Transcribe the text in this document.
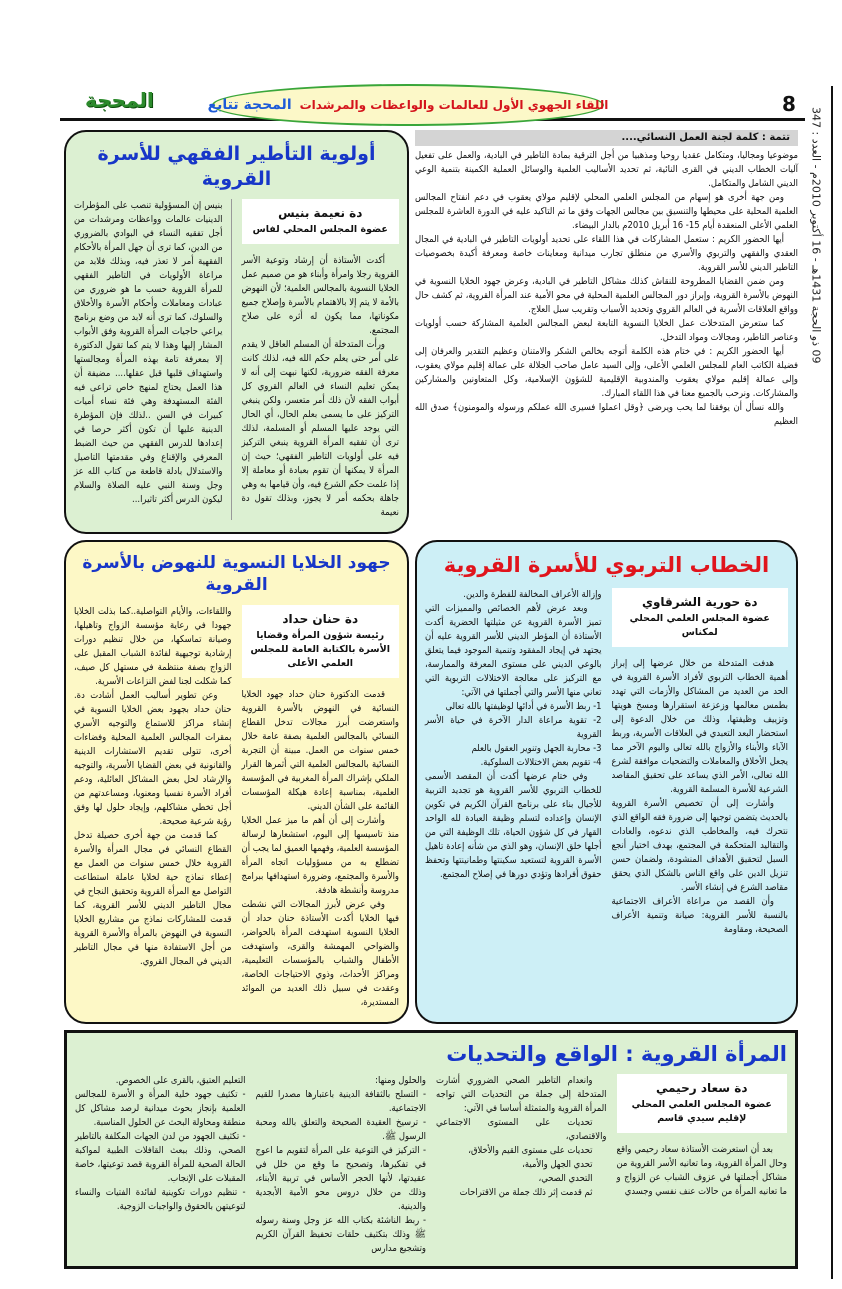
8
اللقاء الجهوي الأول للعالمات والواعظات والمرشدات
المحجة تتابع
المحجة
09 ذو الحجة 1431هـ - 16 أكتوبر 2010م - العدد : 347
تتمة : كلمة لجنة العمل النسائي....

موضوعيا ومجاليا، ومتكامل عقديا روحيا ومذهبيا من أجل الترقية بمادة التاطير في البادية، والعمل على تفعيل آليات الخطاب الديني في القرى النائية، ثم تحديد الأساليب العلمية والوسائل العملية الكمينة بتنمية الوعي الديني الشامل والمتكامل.

ومن جهة أخرى هو إسهام من المجلس العلمي المحلي لإقليم مولاي يعقوب في دعم انفتاح المجالس العلمية المحلية على محيطها والتنسيق بين مجالس الجهات وفق ما تم التاكيد عليه في الدورة العاشرة للمجلس العلمي الأعلى المنعقدة أيام 15- 16 أبريل 2010م بالدار البيضاء.

أيها الحضور الكريم : ستعمل المشاركات في هذا اللقاء على تحديد أولويات التاطير في البادية في المجال العقدي والفقهي والتربوي والأسري من منطلق تجارب ميدانية ومعاينات خاصة ومعرفة أكيدة بخصوصيات التاطير الديني للأسر القروية.

ومن ضمن القضايا المطروحة للنقاش كذلك مشاكل التاطير في البادية، وعرض جهود الخلايا النسوية في النهوض بالأسرة القروية، وإبراز دور المجالس العلمية المحلية في محو الأمية عند المرأة القروية، ثم كشف حال وواقع العلاقات الأسرية في العالم القروي وتحديد الأسباب وتقريب سبل العلاج.

كما ستعرض المتدخلات عمل الخلايا النسوية التابعة لبعض المجالس العلمية المشاركة حسب أولويات وعناصر التاطير، ومجالات ومواد التدخل.

أيها الحضور الكريم : في ختام هذه الكلمة أتوجه بخالص الشكر والامتنان وعظيم التقدير والعرفان إلى فضيلة الكاتب العام للمجلس العلمي الأعلى، وإلى السيد عامل صاحب الجلالة على عمالة إقليم مولاي يعقوب، وإلى عمالة إقليم مولاي يعقوب والمندوبية الإقليمية للشؤون الإسلامية، وكل المتعاونين والمشاركين والمشاركات. ونرحب بالجميع معنا في هذا اللقاء المبارك.

والله نسأل أن يوفقنا لما يحب ويرضى ﴿وقل اعملوا فسيرى الله عملكم ورسوله والمومنون﴾ صدق الله العظيم

أولوية التأطير الفقهي للأسرة القروية
دة نعيمة بنيس
عضوة المجلس المحلي لفاس

أكدت الأستاذة أن إرشاد وتوعية الأسر القروية رجلا وامرأة وأبناء هو من صميم عمل الخلايا النسوية بالمجالس العلمية؛ لأن النهوض بالأمة لا يتم إلا بالاهتمام بالأسرة وإصلاح جميع مكوناتها، مما يكون له أثره على صلاح المجتمع.

ورأت المتدخلة أن المسلم العاقل لا يقدم على أمر حتى يعلم حكم الله فيه، لذلك كانت معرفة الفقه ضرورية، لكنها نبهت إلى أنه لا يمكن تعليم النساء في العالم القروي كل أبواب الفقه لأن ذلك أمر متعسر، ولكن ينبغي التركيز على ما يسمى بعلم الحال، أي الحال التي يوجد عليها المسلم أو المسلمة، لذلك ترى أن تفقيه المرأة القروية ينبغي التركيز فيه على أولويات التاطير الفقهي؛ حيث إن المرأة لا يمكنها أن تقوم بعبادة أو معاملة إلا إذا علمت حكم الشرع فيه، وأن قيامها به وهي جاهلة بحكمه أمر لا يجوز، وبذلك تقول دة نعيمة

بنيس إن المسؤولية تنصب على المؤطرات الدينيات عالمات وواعظات ومرشدات من أجل تفقيه النساء في البوادي بالضروري من الدين، كما ترى أن جهل المرأة بالأحكام الفقهية أمر لا تعذر فيه، وبذلك فلابد من مراعاة الأولويات في التاطير الفقهي للمرأة القروية حسب ما هو ضروري من عبادات ومعاملات وأحكام الأسرة والأخلاق والسلوك، كما ترى أنه لابد من وضع برنامج يراعي حاجيات المرأة القروية وفق الأبواب المشار إليها وهذا لا يتم كما تقول الدكتورة إلا بمعرفة تامة بهذه المرأة ومجالستها واستهداف قلبها قبل عقلها.... مضيفة أن هذا العمل يحتاج لمنهج خاص تراعى فيه الفئة المستهدفة وهي فئة نساء أميات كبيرات في السن ..لذلك فإن المؤطرة الدينية عليها أن تكون أكثر حرصا في إعدادها للدرس الفقهي من حيث الضبط المعرفي والإقناع وفي مقدمتها التاصيل والاستدلال بادلة قاطعة من كتاب الله عز وجل وسنة النبي عليه الصلاة والسلام ليكون الدرس أكثر تاثيرا...

الخطاب التربوي للأسرة القروية
دة حورية الشرقاوي
عضوة المجلس العلمي المحلي لمكناس

هدفت المتدخلة من خلال عرضها إلى إبراز أهمية الخطاب التربوي لأفراد الأسرة القروية في الحد من العديد من المشاكل والأزمات التي تهدد بطمس معالمها وزعزعة استقرارها ومسخ هويتها وتزييف وظيفتها، وذلك من خلال الدعوة إلى استحضار البعد التعبدي في العلاقات الأسرية، وربط الآباء والأبناء والأزواج بالله تعالى واليوم الآخر مما يجعل الأخلاق والمعاملات والتضحيات موافقة لشرع الله تعالى، الأمر الذي يساعد على تحقيق المقاصد الشرعية للأسرة المسلمة القروية.

وأشارت إلى أن تخصيص الأسرة القروية بالحديث يتضمن توجيها إلى ضرورة فقه الواقع الذي نتحرك فيه، والمخاطب الذي ندعوه، والعادات والتقاليد المتحكمة في المجتمع، بهدف اختيار أنجع السبل لتحقيق الأهداف المنشودة، ولضمان حسن تنزيل الدين على واقع الناس بالشكل الذي يحقق مقاصد الشرع في إنشاء الأسر.

وأن القصد من مراعاة الأعراف الاجتماعية بالنسبة للأسر القروية: صيانة وتنمية الأعراف الصحيحة، ومقاومة

وإزالة الأعراف المخالفة للفطرة والدين.

وبعد عرض لأهم الخصائص والمميزات التي تميز الأسرة القروية عن مثيلتها الحضرية أكدت الأستاذة أن المؤطر الديني للأسر القروية عليه أن يجتهد في إيجاد المفقود وتنمية الموجود فيما يتعلق بالوعي الديني على مستوى المعرفة والممارسة، مع التركيز على معالجة الاختلالات التربوية التي تعاني منها الأسر والتي أجملتها في الآتي:

1- ربط الأسرة في أدائها لوظيفتها بالله تعالى

2- تقوية مراعاة الدار الآخرة في حياة الأسر القروية

3- محاربة الجهل وتنوير العقول بالعلم

4- تقويم بعض الاختلالات السلوكية.

وفي ختام عرضها أكدت أن المقصد الأسمى للخطاب التربوي للأسر القروية هو تجديد التربية للأجيال بناء على برنامج القرآن الكريم في تكوين الإنسان وإعداده لتسلم وظيفة العبادة لله الواحد القهار في كل شؤون الحياة، تلك الوظيفة التي من أجلها خلق الإنسان، وهو الذي من شأنه إعادة تاهيل الأسرة القروية لتستعيد سكينتها وطمانينتها وتحفظ حقوق أفرادها وتؤدي دورها في إصلاح المجتمع.

جهود الخلايا النسوية للنهوض بالأسرة القروية
دة حنان حداد
رئيسة شؤون المرأة وقضايا الأسرة بالكتابة العامة للمجلس العلمي الأعلى

قدمت الدكتورة حنان حداد جهود الخلايا النسائية في النهوض بالأسرة القروية واستعرضت أبرز مجالات تدخل القطاع النسائي بالمجالس العلمية بصفة عامة خلال خمس سنوات من العمل. مبينة أن التجربة النسائية بالمجالس العلمية التي أثمرها القرار الملكي بإشراك المرأة المغربية في المؤسسة العلمية، بمناسبة إعادة هيكلة المؤسسات القائمة على الشأن الديني.

وأشارت إلى أن أهم ما ميز عمل الخلايا منذ تاسيسها إلى اليوم، استشعارها لرسالة المؤسسة العلمية، وفهمها العميق لما يجب أن تضطلع به من مسؤوليات اتجاه المرأة والأسرة والمجتمع، وضرورة استهدافها ببرامج مدروسة وأنشطة هادفة.

وفي عرض لأبرز المجالات التي نشطت فيها الخلايا أكدت الأستاذة حنان حداد أن الخلايا النسوية استهدفت المرأة بالحواضر، والضواحي المهمشة والقرى، واستهدفت الأطفال والشباب بالمؤسسات التعليمية، ومراكز الأحداث، وذوي الاحتياجات الخاصة، وعقدت في سبيل ذلك العديد من الموائد المستديرة،

واللقاءات، والأيام التواصلية..كما بذلت الخلايا جهودا في رعاية مؤسسة الزواج وتاهيلها، وصيانة تماسكها، من خلال تنظيم دورات إرشادية توجيهية لفائدة الشباب المقبل على الزواج بصفة منتظمة في مستهل كل صيف، كما شكلت لجنا لفض النزاعات الأسرية.

وعن تطوير أساليب العمل أشادت دة. حنان حداد بجهود بعض الخلايا النسوية في إنشاء مراكز للاستماع والتوجيه الأسري بمقرات المجالس العلمية المحلية وفضاءات أخرى، تتولى تقديم الاستشارات الدينية والقانونية في بعض القضايا الأسرية، والتوجيه والإرشاد لحل بعض المشاكل العائلية، ودعم أفراد الأسرة نفسيا ومعنويا، ومساعدتهم من أجل تخطي مشاكلهم، وإيجاد حلول لها وفق رؤية شرعية صحيحة.

كما قدمت من جهة أخرى حصيلة تدخل القطاع النسائي في مجال المرأة والأسرة القروية خلال خمس سنوات من العمل مع إعطاء نماذج حية لخلايا عاملة استطاعت التواصل مع المرأة القروية وتحقيق النجاح في مجال التاطير الديني للأسر القروية، كما قدمت للمشاركات نماذج من مشاريع الخلايا النسوية في النهوض بالمرأة والأسرة القروية من أجل الاستفادة منها في مجال التاطير الديني في المجال القروي.

المرأة القروية : الواقع والتحديات
دة سعاد رحيمي
عضوة المجلس العلمي المحلي لإقليم سيدي قاسم

بعد أن استعرضت الأستاذة سعاد رحيمي واقع وحال المرأة القروية، وما تعانيه الأسر القروية من مشاكل أجملتها في عزوف الشباب عن الزواج و ما تعانيه المرأة من حالات عنف نفسي وجسدي

وانعدام التاطير الصحي الضروري أشارت المتدخلة إلى جملة من التحديات التي تواجه المرأة القروية والمتمثلة أساسا في الآتي:

تحديات على المستوى الاجتماعي والاقتصادي،

تحديات على مستوى القيم والأخلاق،

تحدي الجهل والأمية،

التحدي الصحي،

ثم قدمت إثر ذلك جملة من الاقتراحات

والحلول ومنها:

- التسلح بالثقافة الدينية باعتبارها مصدرا للقيم الاجتماعية.

- ترسيخ العقيدة الصحيحة والتعلق بالله ومحبة الرسول ﷺ.

- التركيز في التوعية على المرأة لتقويم ما اعوج في تفكيرها، وتصحيح ما وقع من خلل في عقيدتها، لأنها الحجر الأساس في تربية الأبناء، وذلك من خلال دروس محو الأمية الأبجدية والدينية.

- ربط الناشئة بكتاب الله عز وجل وسنة رسوله ﷺ وذلك بتكثيف حلقات تحفيظ القرآن الكريم وتشجيع مدارس

التعليم العتيق، بالقرى على الخصوص.

- تكثيف جهود خلية المرأة و الأسرة للمجالس العلمية بإنجاز بحوث ميدانية لرصد مشاكل كل منطقة ومحاولة البحث عن الحلول المناسبة.

- تكثيف الجهود من لدن الجهات المكلفة بالتاطير الصحي، وذلك ببعث القافلات الطبية لمواكبة الحالة الصحية للمرأة القروية قصد توعيتها، خاصة المقبلات على الإنجاب.

- تنظيم دورات تكوينية لفائدة الفتيات والنساء لتوعيتهن بالحقوق والواجبات الزوجية.
